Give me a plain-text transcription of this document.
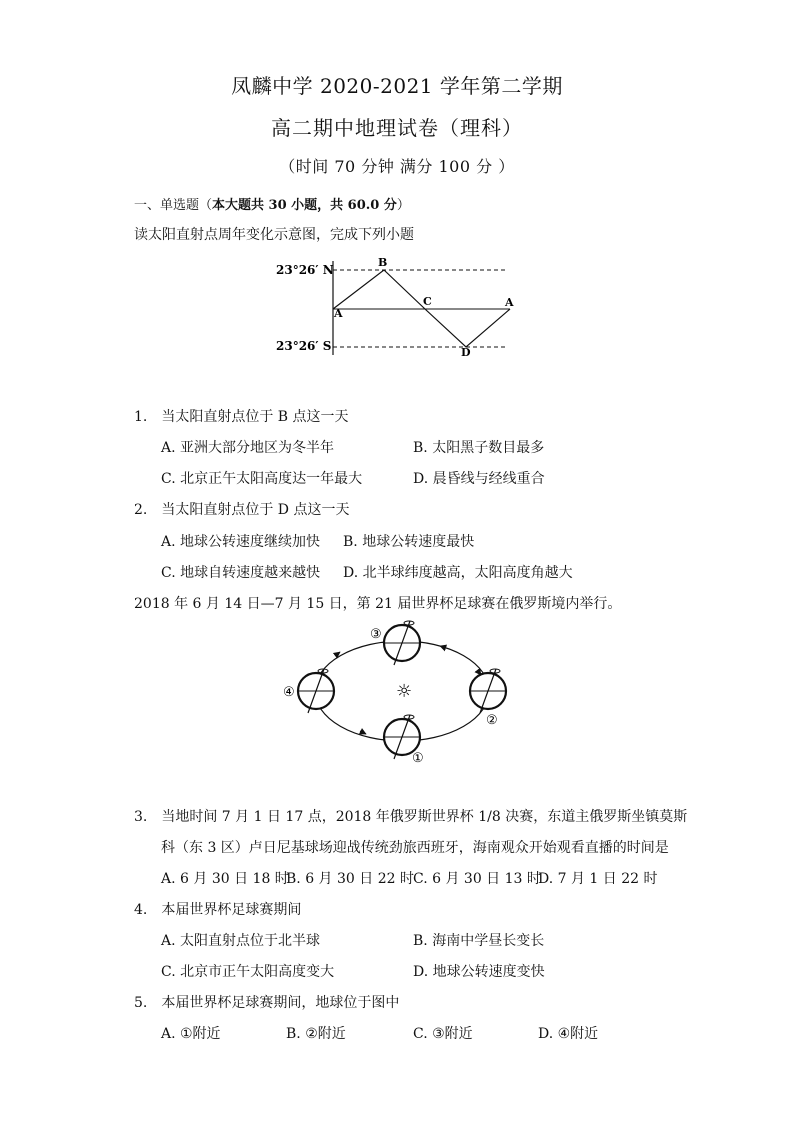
凤麟中学 2020-2021 学年第二学期
高二期中地理试卷（理科）
（时间 70 分钟 满分 100 分 ）
一、单选题（本大题共 30 小题，共 60.0 分）
读太阳直射点周年变化示意图，完成下列小题
23°26′ N
23°26′ S
A
B
C
D
A
1. 当太阳直射点位于 B 点这一天
A. 亚洲大部分地区为冬半年	B. 太阳黑子数目最多
C. 北京正午太阳高度达一年最大	D. 晨昏线与经线重合
2. 当太阳直射点位于 D 点这一天
A. 地球公转速度继续加快 B. 地球公转速度最快
C. 地球自转速度越来越快 D. 北半球纬度越高，太阳高度角越大
2018 年 6 月 14 日—7 月 15 日，第 21 届世界杯足球赛在俄罗斯境内举行。
☼
①
②
③
④
3. 当地时间 7 月 1 日 17 点，2018 年俄罗斯世界杯 1/8 决赛，东道主俄罗斯坐镇莫斯
科（东 3 区）卢日尼基球场迎战传统劲旅西班牙，海南观众开始观看直播的时间是
A. 6 月 30 日 18 时
B. 6 月 30 日 22 时 C. 6 月 30 日 13 时
D. 7 月 1 日 22 时
4. 本届世界杯足球赛期间
A. 太阳直射点位于北半球	B. 海南中学昼长变长
C. 北京市正午太阳高度变大	D. 地球公转速度变快
5. 本届世界杯足球赛期间，地球位于图中
A. ①附近	B. ②附近	C. ③附近	D. ④附近
